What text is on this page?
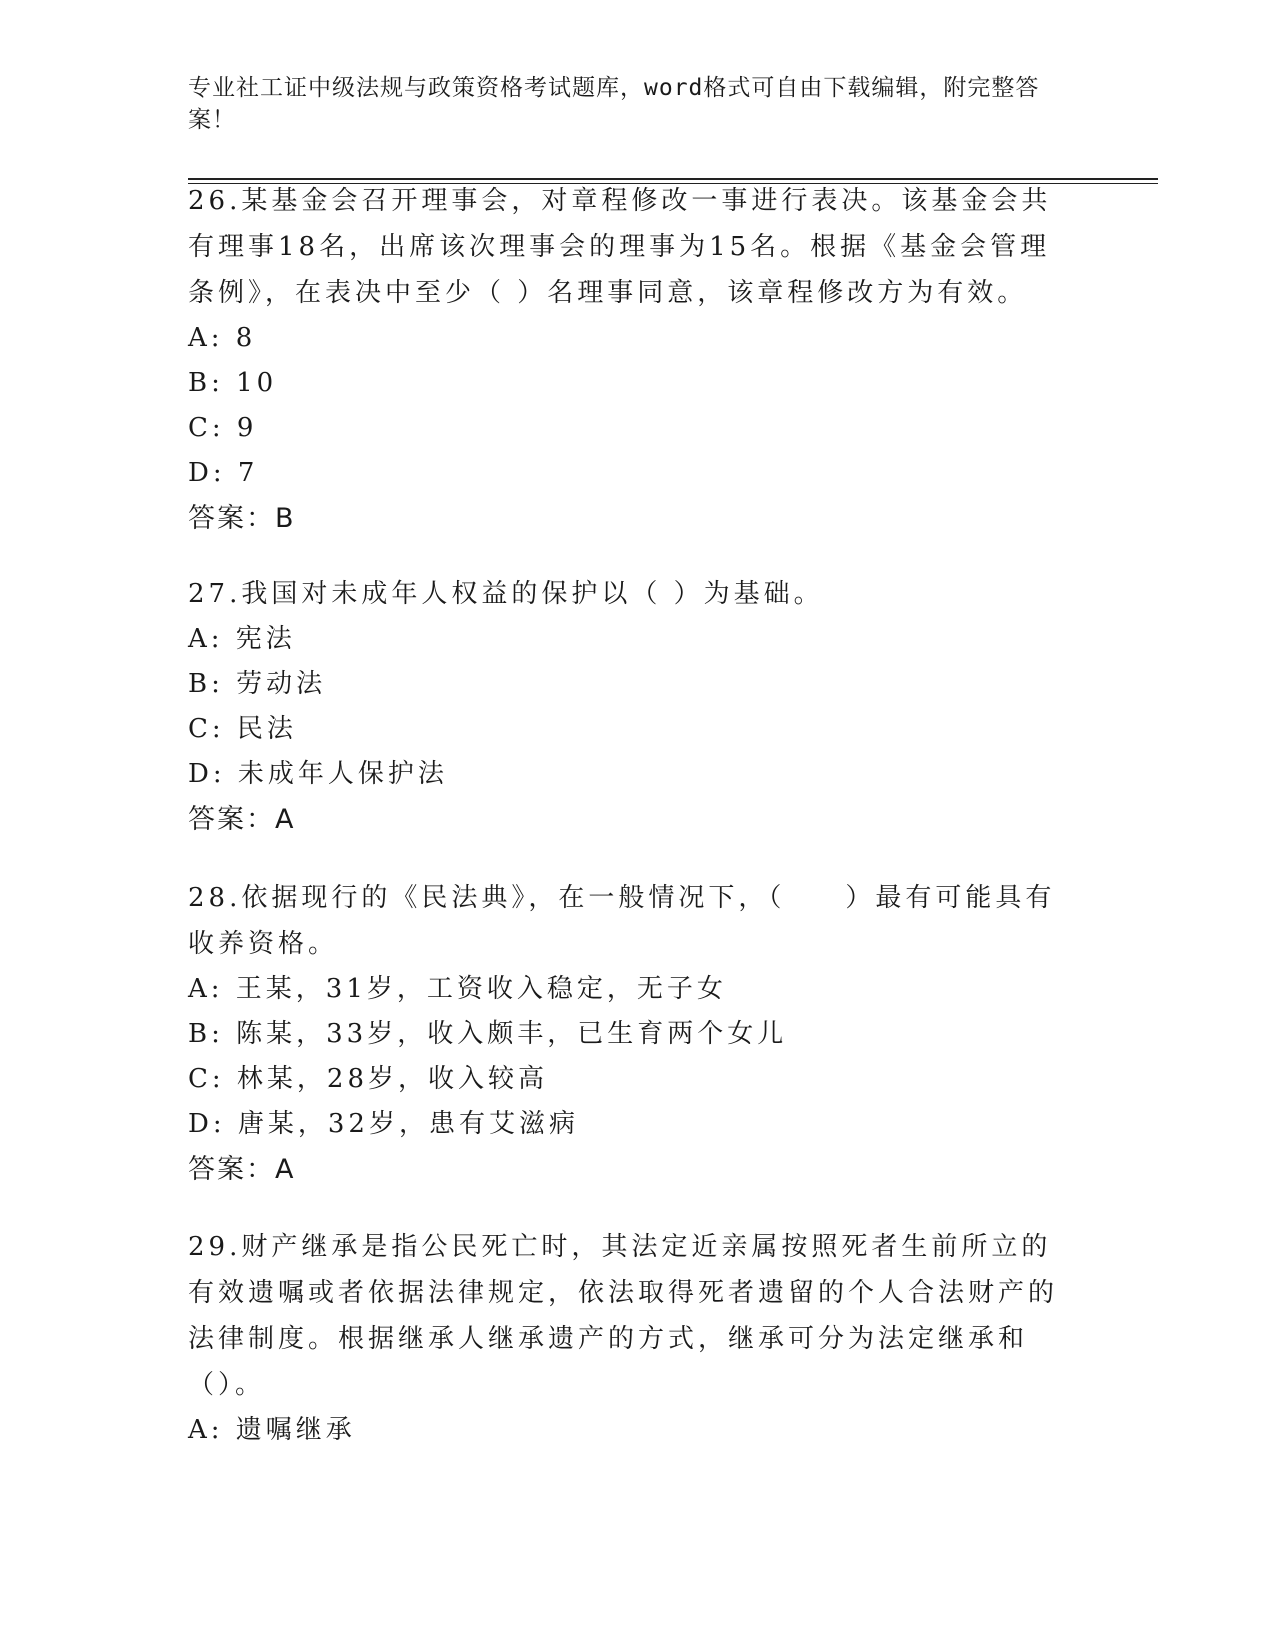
专业社工证中级法规与政策资格考试题库，word格式可自由下载编辑，附完整答案！

26.某基金会召开理事会，对章程修改一事进行表决。该基金会共有理事18名，出席该次理事会的理事为15名。根据《基金会管理条例》，在表决中至少（ ）名理事同意，该章程修改方为有效。

A: 8

B: 10

C: 9

D: 7

答案：B

27.我国对未成年人权益的保护以（ ）为基础。

A: 宪法

B: 劳动法

C: 民法

D: 未成年人保护法

答案：A

28.依据现行的《民法典》，在一般情况下，（　　）最有可能具有收养资格。

A: 王某，31岁，工资收入稳定，无子女

B: 陈某，33岁，收入颇丰，已生育两个女儿

C: 林某，28岁，收入较高

D: 唐某，32岁，患有艾滋病

答案：A

29.财产继承是指公民死亡时，其法定近亲属按照死者生前所立的有效遗嘱或者依据法律规定，依法取得死者遗留的个人合法财产的法律制度。根据继承人继承遗产的方式，继承可分为法定继承和（）。

A: 遗嘱继承
